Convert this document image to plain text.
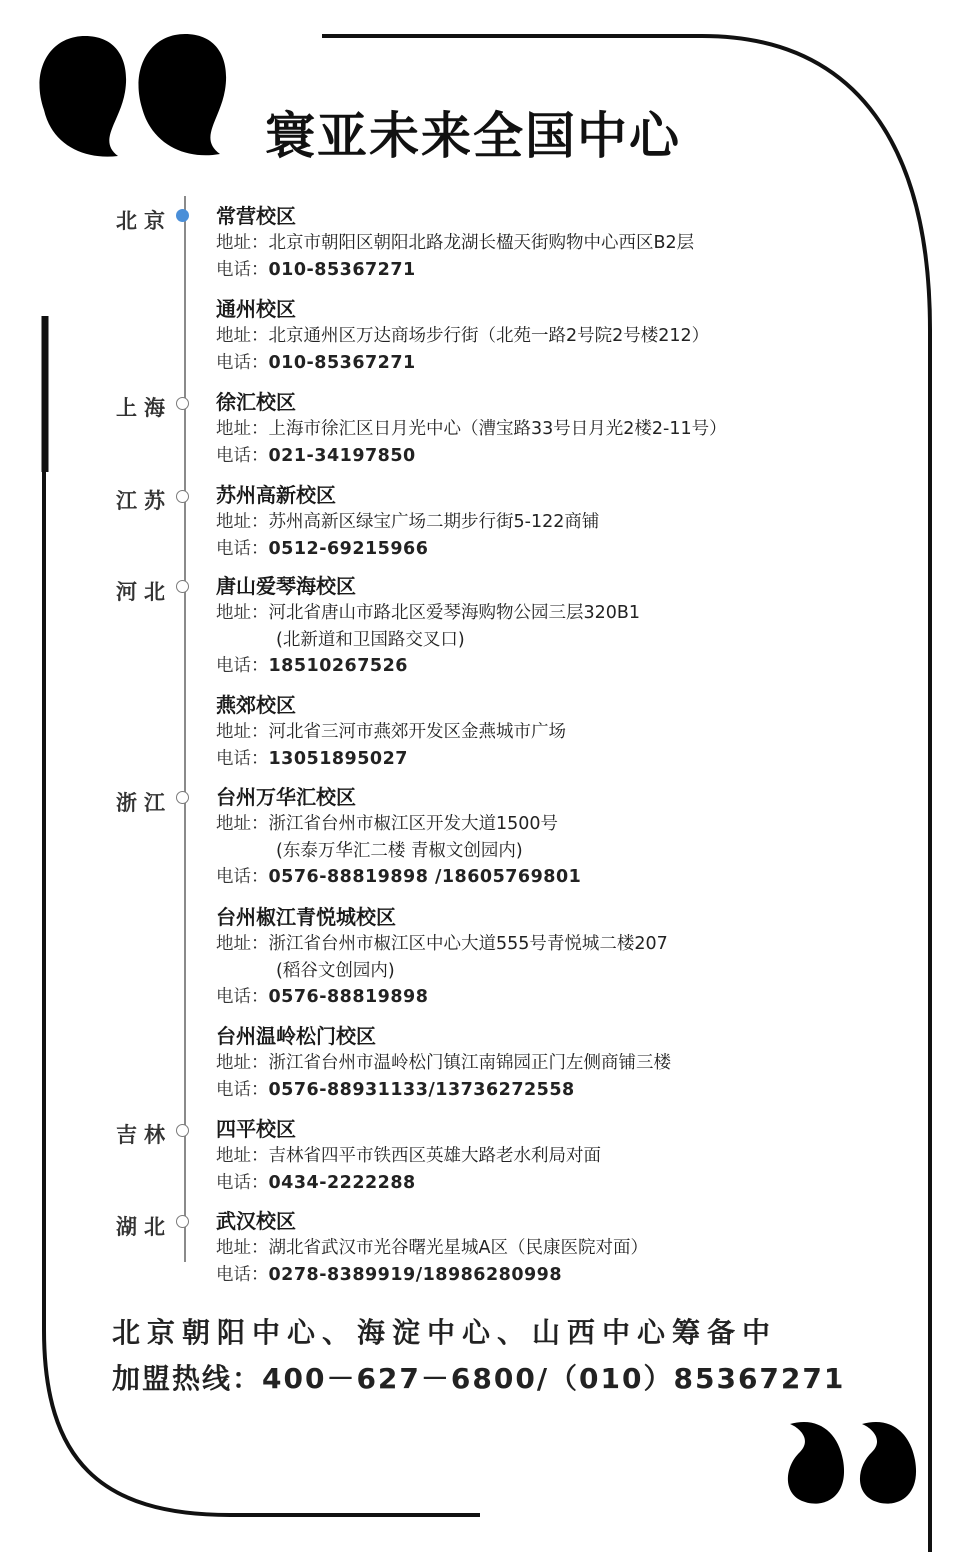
寰亚未来全国中心
北京
上海
江苏
河北
浙江
吉林
湖北
常营校区
地址：北京市朝阳区朝阳北路龙湖长楹天街购物中心西区B2层
电话：010-85367271
通州校区
地址：北京通州区万达商场步行街（北苑一路2号院2号楼212）
电话：010-85367271
徐汇校区
地址：上海市徐汇区日月光中心（漕宝路33号日月光2楼2-11号）
电话：021-34197850
苏州高新校区
地址：苏州高新区绿宝广场二期步行街5-122商铺
电话：0512-69215966
唐山爱琴海校区
地址：河北省唐山市路北区爱琴海购物公园三层320B1
(北新道和卫国路交叉口)
电话：18510267526
燕郊校区
地址：河北省三河市燕郊开发区金燕城市广场
电话：13051895027
台州万华汇校区
地址：浙江省台州市椒江区开发大道1500号
(东泰万华汇二楼 青椒文创园内)
电话：0576-88819898 /18605769801
台州椒江青悦城校区
地址：浙江省台州市椒江区中心大道555号青悦城二楼207
(稻谷文创园内)
电话：0576-88819898
台州温岭松门校区
地址：浙江省台州市温岭松门镇江南锦园正门左侧商铺三楼
电话：0576-88931133/13736272558
四平校区
地址：吉林省四平市铁西区英雄大路老水利局对面
电话：0434-2222288
武汉校区
地址：湖北省武汉市光谷曙光星城A区（民康医院对面）
电话：0278-8389919/18986280998
北京朝阳中心、海淀中心、山西中心筹备中
加盟热线：400－627－6800/（010）85367271
